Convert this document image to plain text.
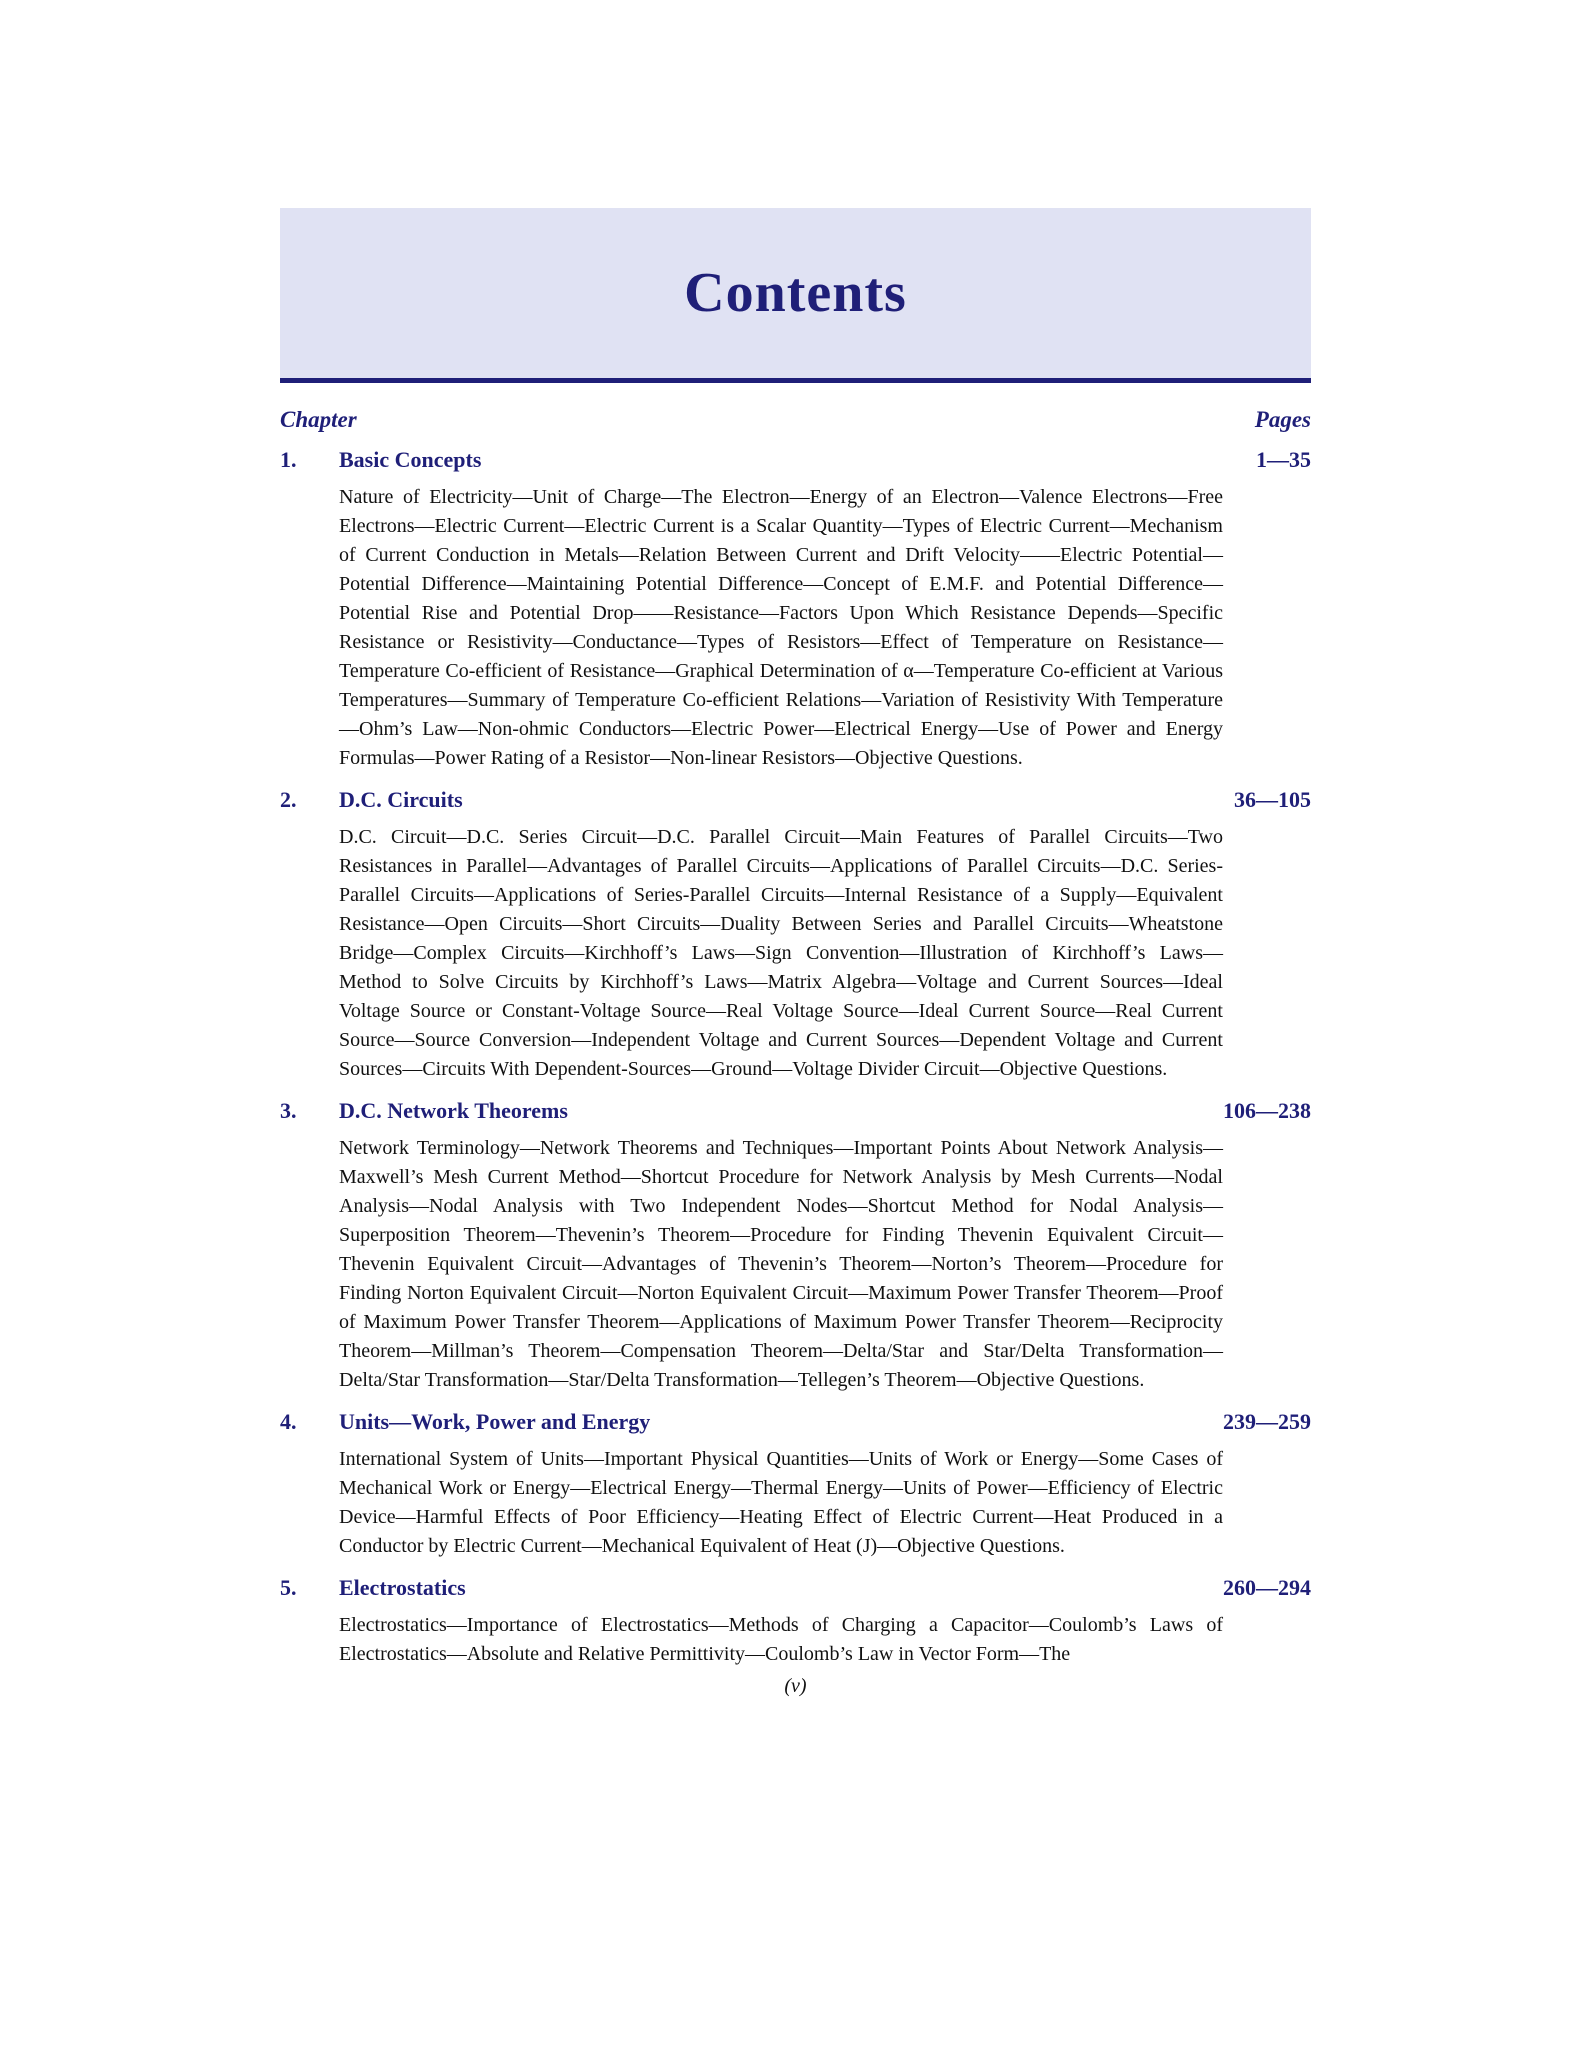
Contents
Chapter	Pages
1.	Basic Concepts	1—35

Nature of Electricity—Unit of Charge—The Electron—Energy of an Electron—Valence Electrons—Free Electrons—Electric Current—Electric Current is a Scalar Quantity—Types of Electric Current—Mechanism of Current Conduction in Metals—Relation Between Current and Drift Velocity——Electric Potential—Potential Difference—Maintaining Potential Difference—Concept of E.M.F. and Potential Difference—Potential Rise and Potential Drop——Resistance—Factors Upon Which Resistance Depends—Specific Resistance or Resistivity—Conductance—Types of Resistors—Effect of Temperature on Resistance—Temperature Co-efficient of Resistance—Graphical Determination of α—Temperature Co-efficient at Various Temperatures—Summary of Temperature Co-efficient Relations—Variation of Resistivity With Temperature—Ohm’s Law—Non-ohmic Conductors—Electric Power—Electrical Energy—Use of Power and Energy Formulas—Power Rating of a Resistor—Non-linear Resistors—Objective Questions.

2.	D.C. Circuits	36—105

D.C. Circuit—D.C. Series Circuit—D.C. Parallel Circuit—Main Features of Parallel Circuits—Two Resistances in Parallel—Advantages of Parallel Circuits—Applications of Parallel Circuits—D.C. Series-Parallel Circuits—Applications of Series-Parallel Circuits—Internal Resistance of a Supply—Equivalent Resistance—Open Circuits—Short Circuits—Duality Between Series and Parallel Circuits—Wheatstone Bridge—Complex Circuits—Kirchhoff’s Laws—Sign Convention—Illustration of Kirchhoff’s Laws—Method to Solve Circuits by Kirchhoff’s Laws—Matrix Algebra—Voltage and Current Sources—Ideal Voltage Source or Constant-Voltage Source—Real Voltage Source—Ideal Current Source—Real Current Source—Source Conversion—Independent Voltage and Current Sources—Dependent Voltage and Current Sources—Circuits With Dependent-Sources—Ground—Voltage Divider Circuit—Objective Questions.

3.	D.C. Network Theorems	106—238

Network Terminology—Network Theorems and Techniques—Important Points About Network Analysis—Maxwell’s Mesh Current Method—Shortcut Procedure for Network Analysis by Mesh Currents—Nodal Analysis—Nodal Analysis with Two Independent Nodes—Shortcut Method for Nodal Analysis—Superposition Theorem—Thevenin’s Theorem—Procedure for Finding Thevenin Equivalent Circuit—Thevenin Equivalent Circuit—Advantages of Thevenin’s Theorem—Norton’s Theorem—Procedure for Finding Norton Equivalent Circuit—Norton Equivalent Circuit—Maximum Power Transfer Theorem—Proof of Maximum Power Transfer Theorem—Applications of Maximum Power Transfer Theorem—Reciprocity Theorem—Millman’s Theorem—Compensation Theorem—Delta/Star and Star/Delta Transformation—Delta/Star Transformation—Star/Delta Transformation—Tellegen’s Theorem—Objective Questions.

4.	Units—Work, Power and Energy	239—259

International System of Units—Important Physical Quantities—Units of Work or Energy—Some Cases of Mechanical Work or Energy—Electrical Energy—Thermal Energy—Units of Power—Efficiency of Electric Device—Harmful Effects of Poor Efficiency—Heating Effect of Electric Current—Heat Produced in a Conductor by Electric Current—Mechanical Equivalent of Heat (J)—Objective Questions.

5.	Electrostatics	260—294

Electrostatics—Importance of Electrostatics—Methods of Charging a Capacitor—Coulomb’s Laws of Electrostatics—Absolute and Relative Permittivity—Coulomb’s Law in Vector Form—The

(v)
